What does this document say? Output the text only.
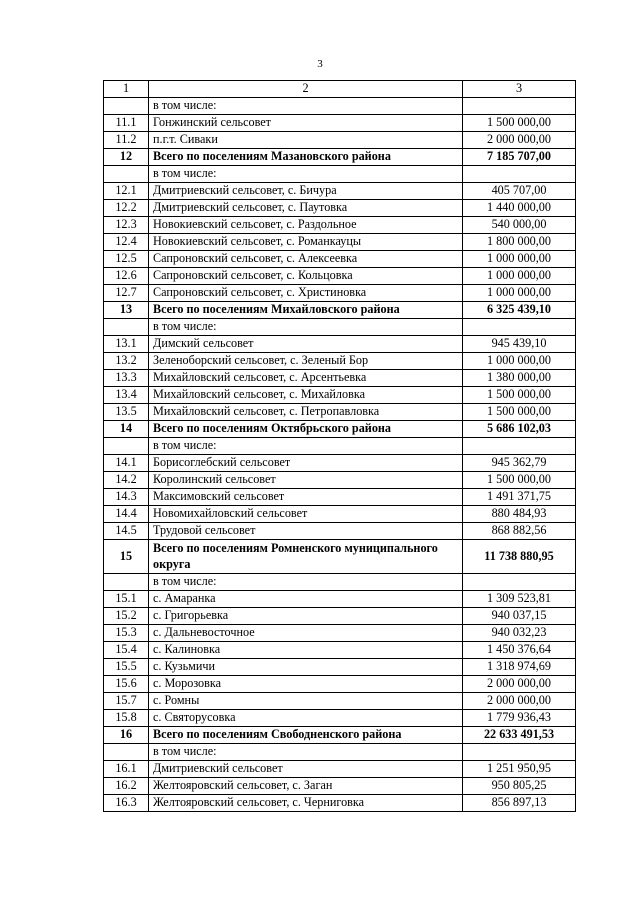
3
1	2	3
	в том числе:	
11.1	Гонжинский сельсовет	1 500 000,00
11.2	п.г.т. Сиваки	2 000 000,00
12	Всего по поселениям Мазановского района	7 185 707,00
	в том числе:	
12.1	Дмитриевский сельсовет, с. Бичура	405 707,00
12.2	Дмитриевский сельсовет, с. Паутовка	1 440 000,00
12.3	Новокиевский сельсовет, с. Раздольное	540 000,00
12.4	Новокиевский сельсовет, с. Романкауцы	1 800 000,00
12.5	Сапроновский сельсовет, с. Алексеевка	1 000 000,00
12.6	Сапроновский сельсовет, с. Кольцовка	1 000 000,00
12.7	Сапроновский сельсовет, с. Христиновка	1 000 000,00
13	Всего по поселениям Михайловского района	6 325 439,10
	в том числе:	
13.1	Димский сельсовет	945 439,10
13.2	Зеленоборский сельсовет, с. Зеленый Бор	1 000 000,00
13.3	Михайловский сельсовет, с. Арсентьевка	1 380 000,00
13.4	Михайловский сельсовет, с. Михайловка	1 500 000,00
13.5	Михайловский сельсовет, с. Петропавловка	1 500 000,00
14	Всего по поселениям Октябрьского района	5 686 102,03
	в том числе:	
14.1	Борисоглебский сельсовет	945 362,79
14.2	Королинский сельсовет	1 500 000,00
14.3	Максимовский сельсовет	1 491 371,75
14.4	Новомихайловский сельсовет	880 484,93
14.5	Трудовой сельсовет	868 882,56
15	Всего по поселениям Ромненского муниципального округа	11 738 880,95
	в том числе:	
15.1	с. Амаранка	1 309 523,81
15.2	с. Григорьевка	940 037,15
15.3	с. Дальневосточное	940 032,23
15.4	с. Калиновка	1 450 376,64
15.5	с. Кузьмичи	1 318 974,69
15.6	с. Морозовка	2 000 000,00
15.7	с. Ромны	2 000 000,00
15.8	с. Святорусовка	1 779 936,43
16	Всего по поселениям Свободненского района	22 633 491,53
	в том числе:	
16.1	Дмитриевский сельсовет	1 251 950,95
16.2	Желтояровский сельсовет, с. Заган	950 805,25
16.3	Желтояровский сельсовет, с. Черниговка	856 897,13
